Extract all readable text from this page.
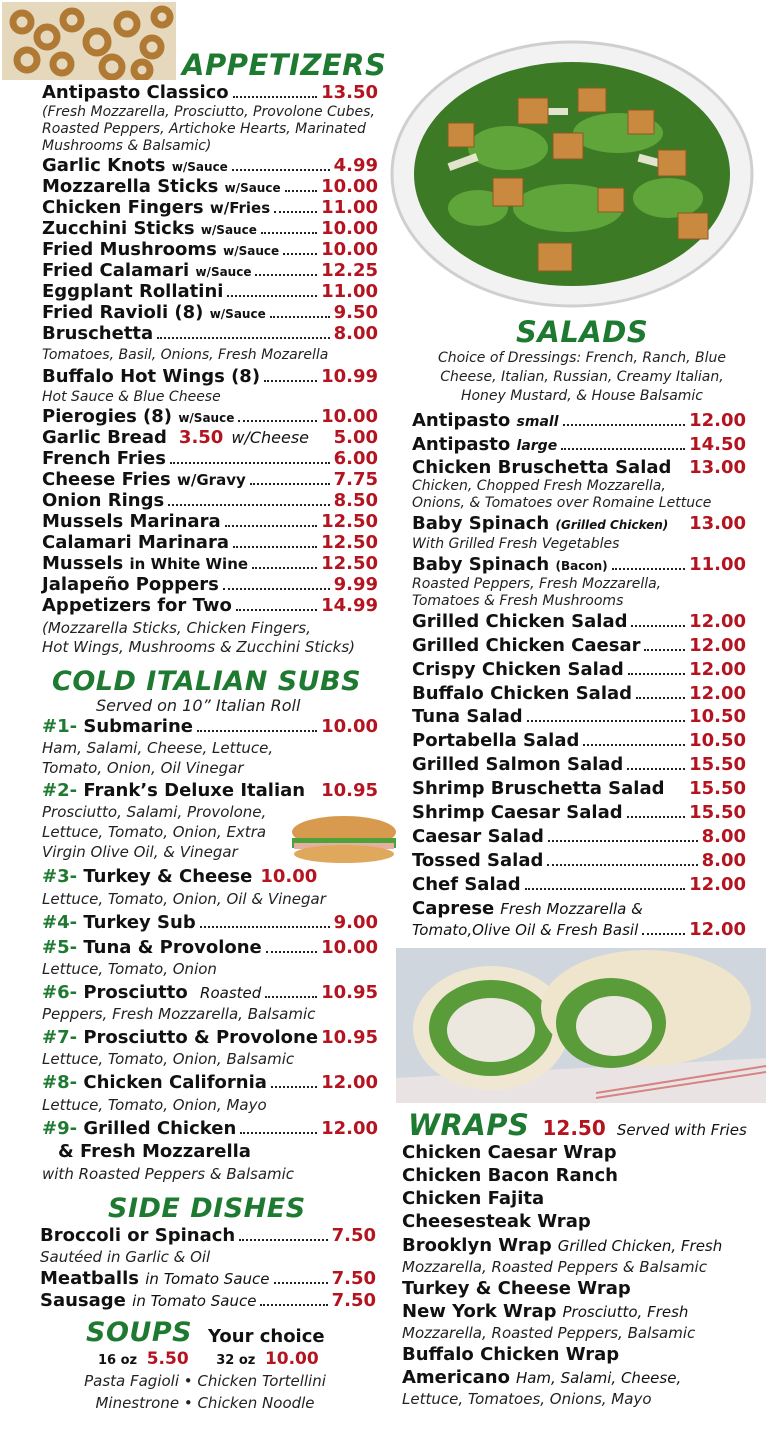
APPETIZERS
Antipasto Classico	13.50
(Fresh Mozzarella, Prosciutto, Provolone Cubes,
Roasted Peppers, Artichoke Hearts, Marinated
Mushrooms & Balsamic)
Garlic Knots w/Sauce	4.99
Mozzarella Sticks w/Sauce 10.00
Chicken Fingers w/Fries	11.00
Zucchini Sticks w/Sauce	10.00
Fried Mushrooms w/Sauce 10.00
Fried Calamari w/Sauce	12.25
Eggplant Rollatini	11.00
Fried Ravioli (8) w/Sauce	9.50
Bruschetta	8.00
Tomatoes, Basil, Onions, Fresh Mozarella
Buffalo Hot Wings (8)	10.99
Hot Sauce & Blue Cheese
Pierogies (8) w/Sauce	10.00
Garlic Bread 3.50 w/Cheese 5.00
French Fries	6.00
Cheese Fries w/Gravy	7.75
Onion Rings	8.50
Mussels Marinara	12.50
Calamari Marinara	12.50
Mussels in White Wine	12.50
Jalapeño Poppers	9.99
Appetizers for Two	14.99
(Mozzarella Sticks, Chicken Fingers,
Hot Wings, Mushrooms & Zucchini Sticks)
COLD ITALIAN SUBS
Served on 10” Italian Roll
#1- Submarine	10.00
Ham, Salami, Cheese, Lettuce,
Tomato, Onion, Oil Vinegar
#2- Frank’s Deluxe Italian 10.95
Prosciutto, Salami, Provolone,
Lettuce, Tomato, Onion, Extra
Virgin Olive Oil, & Vinegar
#3- Turkey & Cheese 10.00
Lettuce, Tomato, Onion, Oil & Vinegar
#4- Turkey Sub	9.00
#5- Tuna & Provolone	10.00
Lettuce, Tomato, Onion
#6- Prosciutto Roasted	10.95
Peppers, Fresh Mozzarella, Balsamic
#7- Prosciutto & Provolone 10.95
Lettuce, Tomato, Onion, Balsamic
#8- Chicken California	12.00
Lettuce, Tomato, Onion, Mayo
#9- Grilled Chicken	12.00
& Fresh Mozzarella
with Roasted Peppers & Balsamic
SIDE DISHES
Broccoli or Spinach	7.50
Sautéed in Garlic & Oil
Meatballs in Tomato Sauce	7.50
Sausage in Tomato Sauce	7.50
SOUPS Your choice
16 oz 5.50 32 oz 10.00
Pasta Fagioli • Chicken Tortellini
Minestrone • Chicken Noodle
SALADS
Choice of Dressings: French, Ranch, Blue
Cheese, Italian, Russian, Creamy Italian,
Honey Mustard, & House Balsamic
Antipasto small	12.00
Antipasto large	14.50
Chicken Bruschetta Salad 13.00
Chicken, Chopped Fresh Mozzarella,
Onions, & Tomatoes over Romaine Lettuce
Baby Spinach (Grilled Chicken) 13.00
With Grilled Fresh Vegetables
Baby Spinach (Bacon)	11.00
Roasted Peppers, Fresh Mozzarella,
Tomatoes & Fresh Mushrooms
Grilled Chicken Salad	12.00
Grilled Chicken Caesar	12.00
Crispy Chicken Salad	12.00
Buffalo Chicken Salad	12.00
Tuna Salad	10.50
Portabella Salad	10.50
Grilled Salmon Salad	15.50
Shrimp Bruschetta Salad 15.50
Shrimp Caesar Salad	15.50
Caesar Salad	8.00
Tossed Salad	8.00
Chef Salad	12.00
Caprese Fresh Mozzarella &
Tomato,Olive Oil & Fresh Basil	12.00
WRAPS 12.50 Served with Fries
Chicken Caesar Wrap
Chicken Bacon Ranch
Chicken Fajita
Cheesesteak Wrap
Brooklyn Wrap Grilled Chicken, Fresh
Mozzarella, Roasted Peppers & Balsamic
Turkey & Cheese Wrap
New York Wrap Prosciutto, Fresh
Mozzarella, Roasted Peppers, Balsamic
Buffalo Chicken Wrap
Americano Ham, Salami, Cheese,
Lettuce, Tomatoes, Onions, Mayo
